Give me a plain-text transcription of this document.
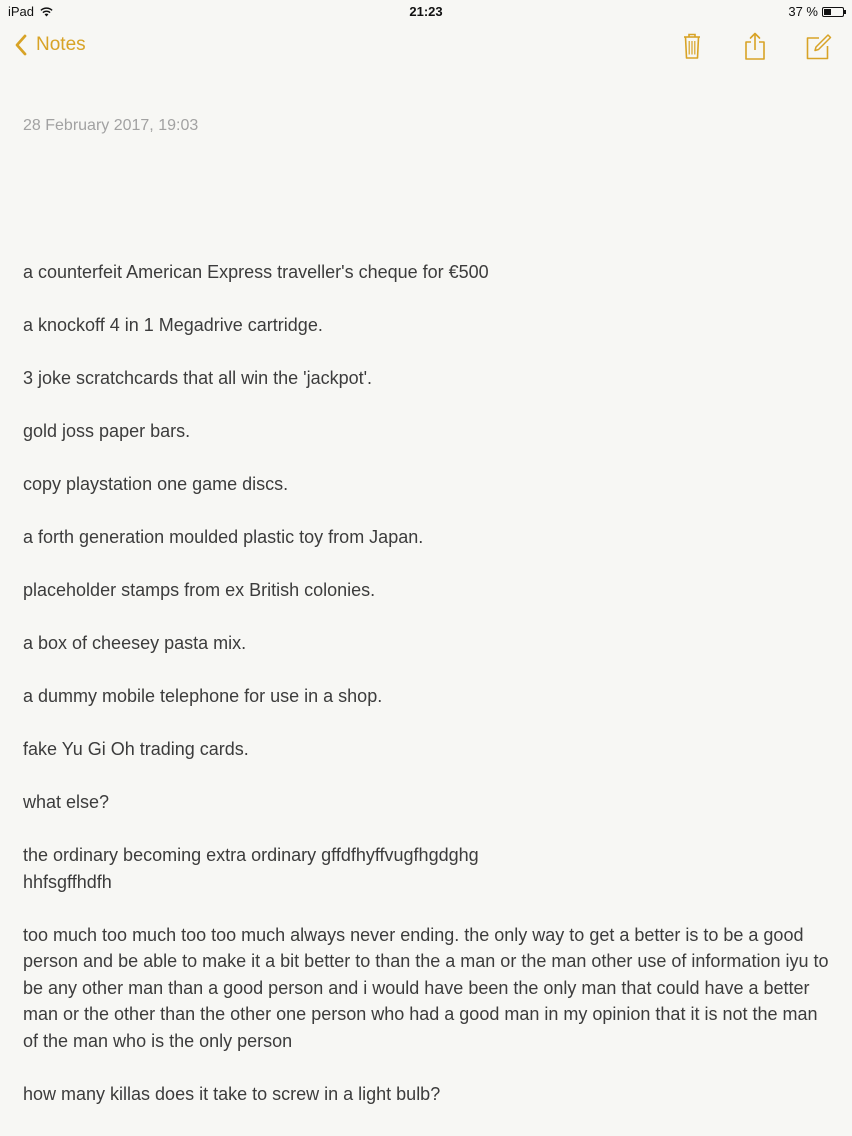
iPad	21:23	37 %
Notes
28 February 2017, 19:03

a counterfeit American Express traveller's cheque for €500

a knockoff 4 in 1 Megadrive cartridge.

3 joke scratchcards that all win the 'jackpot'.

gold joss paper bars.

copy playstation one game discs.

a forth generation moulded plastic toy from Japan.

placeholder stamps from ex British colonies.

a box of cheesey pasta mix.

a dummy mobile telephone for use in a shop.

fake Yu Gi Oh trading cards.

what else?

the ordinary becoming extra ordinary gffdfhyffvugfhgdghg
hhfsgffhdfh

too much too much too too much always never ending. the only way to get a better is to be a good person and be able to make it a bit better to than the a man or the man other use of information iyu to be any other man than a good person and i would have been the only man that could have a better man or the other than the other one person who had a good man in my opinion that it is not the man of the man who is the only person

how many killas does it take to screw in a light bulb?
